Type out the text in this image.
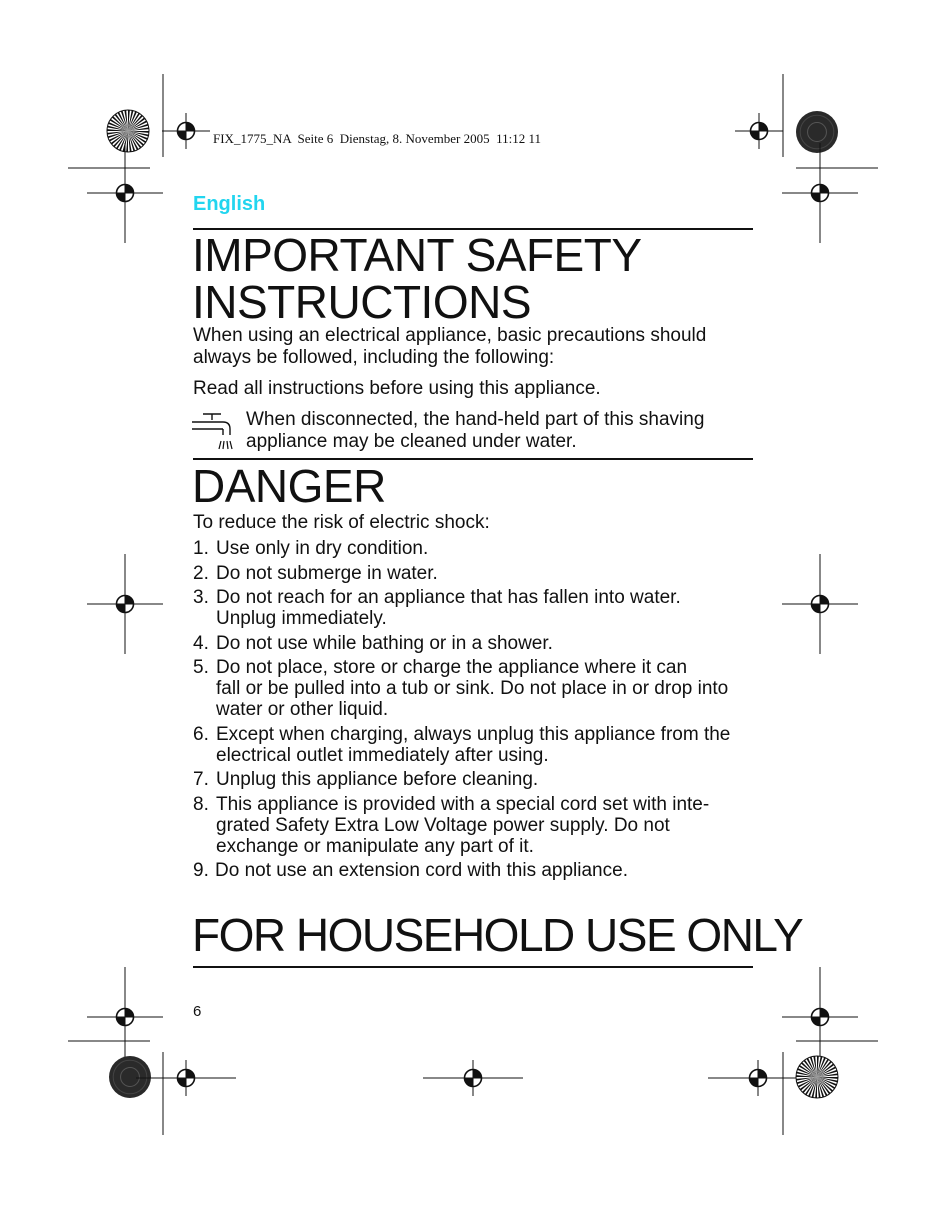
FIX_1775_NA  Seite 6  Dienstag, 8. November 2005  11:12 11
English
IMPORTANT SAFETY
INSTRUCTIONS
When using an electrical appliance, basic precautions should
always be followed, including the following:
Read all instructions before using this appliance.
When disconnected, the hand-held part of this shaving
appliance may be cleaned under water.
DANGER
To reduce the risk of electric shock:
1. Use only in dry condition.
2. Do not submerge in water.
3. Do not reach for an appliance that has fallen into water.
Unplug immediately.
4. Do not use while bathing or in a shower.
5. Do not place, store or charge the appliance where it can
fall or be pulled into a tub or sink. Do not place in or drop into
water or other liquid.
6. Except when charging, always unplug this appliance from the
electrical outlet immediately after using.
7. Unplug this appliance before cleaning.
8. This appliance is provided with a special cord set with inte-
grated Safety Extra Low Voltage power supply. Do not
exchange or manipulate any part of it.
9. Do not use an extension cord with this appliance.
FOR HOUSEHOLD USE ONLY
6
